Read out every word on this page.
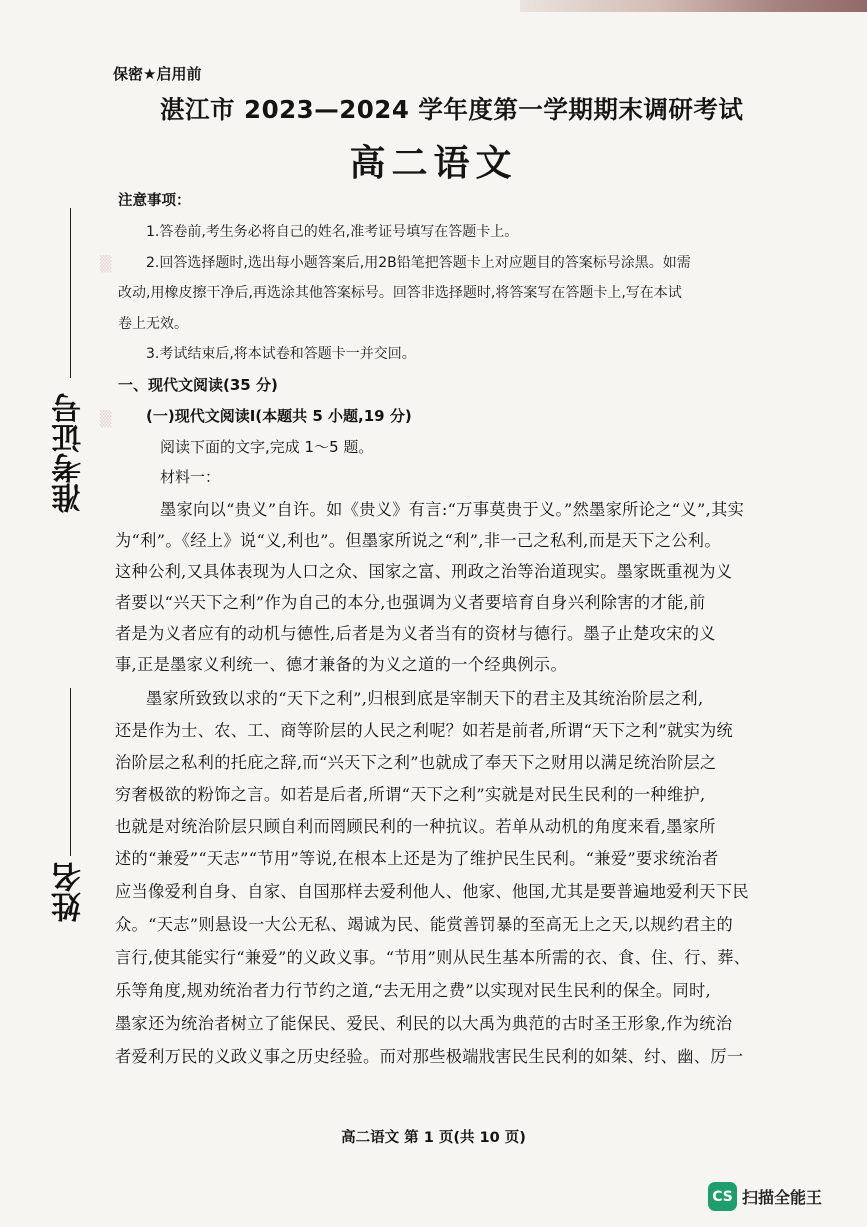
准考证号
姓名
▒
▒
保密★启用前
湛江市 2023—2024 学年度第一学期期末调研考试
高二语文
注意事项：
1.答卷前,考生务必将自己的姓名,准考证号填写在答题卡上。
2.回答选择题时,选出每小题答案后,用2B铅笔把答题卡上对应题目的答案标号涂黑。如需
改动,用橡皮擦干净后,再选涂其他答案标号。回答非选择题时,将答案写在答题卡上,写在本试
卷上无效。
3.考试结束后,将本试卷和答题卡一并交回。
一、现代文阅读(35 分)
(一)现代文阅读Ⅰ(本题共 5 小题,19 分)
阅读下面的文字,完成 1～5 题。
材料一：
墨家向以“贵义”自许。如《贵义》有言:“万事莫贵于义。”然墨家所论之“义”,其实
为“利”。《经上》说“义,利也”。但墨家所说之“利”,非一己之私利,而是天下之公利。
这种公利,又具体表现为人口之众、国家之富、刑政之治等治道现实。墨家既重视为义
者要以“兴天下之利”作为自己的本分,也强调为义者要培育自身兴利除害的才能,前
者是为义者应有的动机与德性,后者是为义者当有的资材与德行。墨子止楚攻宋的义
事,正是墨家义利统一、德才兼备的为义之道的一个经典例示。
墨家所致致以求的“天下之利”,归根到底是宰制天下的君主及其统治阶层之利,
还是作为士、农、工、商等阶层的人民之利呢？如若是前者,所谓“天下之利”就实为统
治阶层之私利的托庇之辞,而“兴天下之利”也就成了奉天下之财用以满足统治阶层之
穷奢极欲的粉饰之言。如若是后者,所谓“天下之利”实就是对民生民利的一种维护,
也就是对统治阶层只顾自利而罔顾民利的一种抗议。若单从动机的角度来看,墨家所
述的“兼爱”“天志”“节用”等说,在根本上还是为了维护民生民利。“兼爱”要求统治者
应当像爱利自身、自家、自国那样去爱利他人、他家、他国,尤其是要普遍地爱利天下民
众。“天志”则悬设一大公无私、竭诚为民、能赏善罚暴的至高无上之天,以规约君主的
言行,使其能实行“兼爱”的义政义事。“节用”则从民生基本所需的衣、食、住、行、葬、
乐等角度,规劝统治者力行节约之道,“去无用之费”以实现对民生民利的保全。同时,
墨家还为统治者树立了能保民、爱民、利民的以大禹为典范的古时圣王形象,作为统治
者爱利万民的义政义事之历史经验。而对那些极端戕害民生民利的如桀、纣、幽、厉一
高二语文 第 1 页(共 10 页)
CS 扫描全能王
